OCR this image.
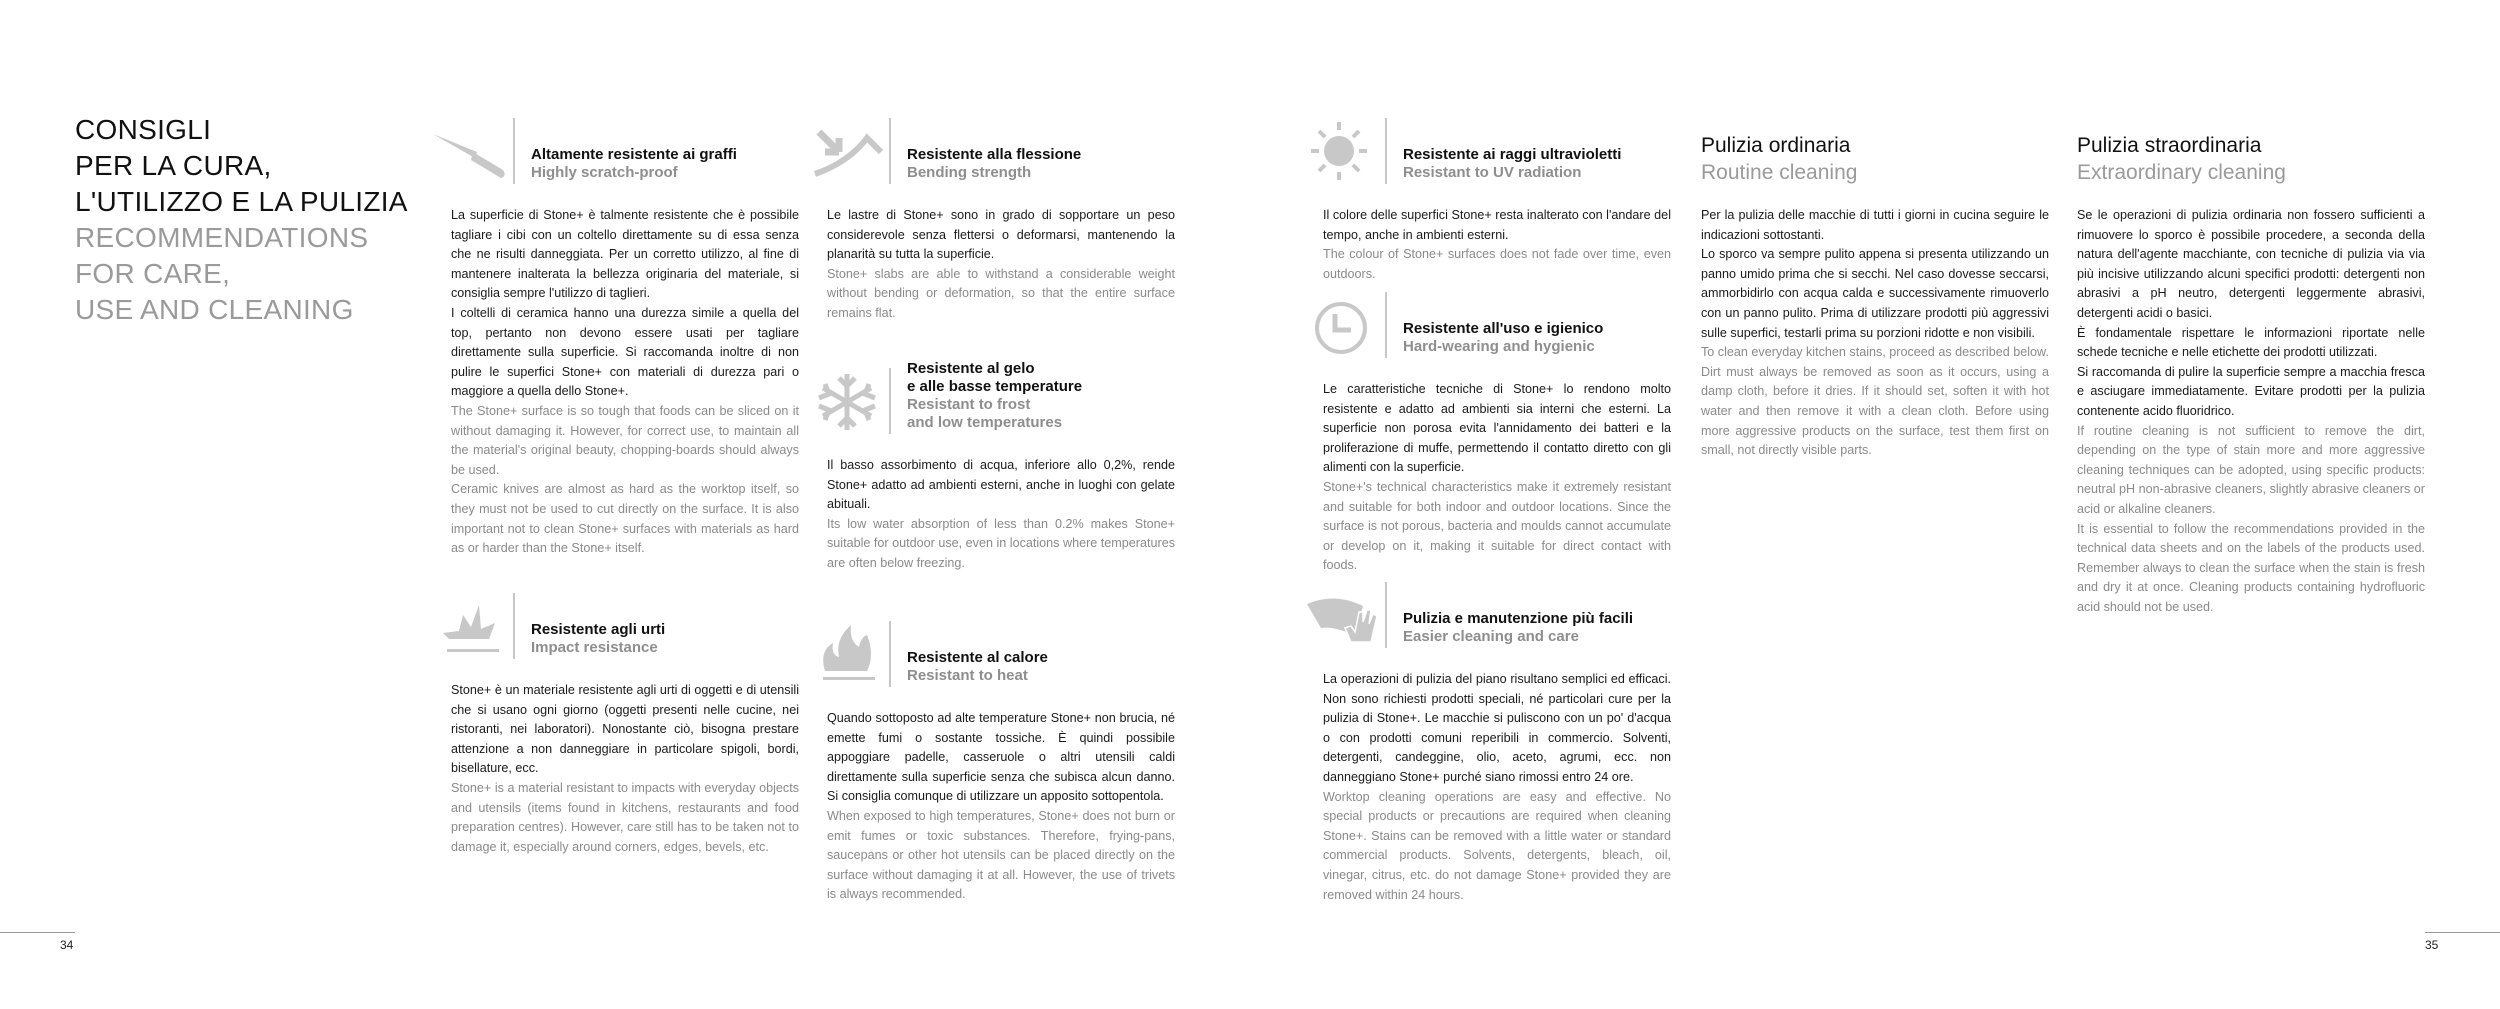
CONSIGLI
PER LA CURA,
L'UTILIZZO E LA PULIZIA
RECOMMENDATIONS
FOR CARE,
USE AND CLEANING
Altamente resistente ai graffi
Highly scratch-proof

La superficie di Stone+ è talmente resistente che è possibile tagliare i cibi con un coltello direttamente su di essa senza che ne risulti danneggiata. Per un corretto utilizzo, al fine di mantenere inalterata la bellezza originaria del materiale, si consiglia sempre l'utilizzo di taglieri.

I coltelli di ceramica hanno una durezza simile a quella del top, pertanto non devono essere usati per tagliare direttamente sulla superficie. Si raccomanda inoltre di non pulire le superfici Stone+ con materiali di durezza pari o maggiore a quella dello Stone+.

The Stone+ surface is so tough that foods can be sliced on it without damaging it. However, for correct use, to maintain all the material's original beauty, chopping-boards should always be used.

Ceramic knives are almost as hard as the worktop itself, so they must not be used to cut directly on the surface. It is also important not to clean Stone+ surfaces with materials as hard as or harder than the Stone+ itself.

Resistente alla flessione
Bending strength

Le lastre di Stone+ sono in grado di sopportare un peso considerevole senza flettersi o deformarsi, mantenendo la planarità su tutta la superficie.

Stone+ slabs are able to withstand a considerable weight without bending or deformation, so that the entire surface remains flat.

Resistente al gelo
e alle basse temperature
Resistant to frost
and low temperatures

Il basso assorbimento di acqua, inferiore allo 0,2%, rende Stone+ adatto ad ambienti esterni, anche in luoghi con gelate abituali.

Its low water absorption of less than 0.2% makes Stone+ suitable for outdoor use, even in locations where temperatures are often below freezing.

Resistente agli urti
Impact resistance

Stone+ è un materiale resistente agli urti di oggetti e di utensili che si usano ogni giorno (oggetti presenti nelle cucine, nei ristoranti, nei laboratori). Nonostante ciò, bisogna prestare attenzione a non danneggiare in particolare spigoli, bordi, bisellature, ecc.

Stone+ is a material resistant to impacts with everyday objects and utensils (items found in kitchens, restaurants and food preparation centres). However, care still has to be taken not to damage it, especially around corners, edges, bevels, etc.

Resistente al calore
Resistant to heat

Quando sottoposto ad alte temperature Stone+ non brucia, né emette fumi o sostante tossiche. È quindi possibile appoggiare padelle, casseruole o altri utensili caldi direttamente sulla superficie senza che subisca alcun danno. Si consiglia comunque di utilizzare un apposito sottopentola.

When exposed to high temperatures, Stone+ does not burn or emit fumes or toxic substances. Therefore, frying-pans, saucepans or other hot utensils can be placed directly on the surface without damaging it at all. However, the use of trivets is always recommended.

Resistente ai raggi ultravioletti
Resistant to UV radiation

Il colore delle superfici Stone+ resta inalterato con l'andare del tempo, anche in ambienti esterni.

The colour of Stone+ surfaces does not fade over time, even outdoors.

Resistente all'uso e igienico
Hard-wearing and hygienic

Le caratteristiche tecniche di Stone+ lo rendono molto resistente e adatto ad ambienti sia interni che esterni. La superficie non porosa evita l'annidamento dei batteri e la proliferazione di muffe, permettendo il contatto diretto con gli alimenti con la superficie.

Stone+'s technical characteristics make it extremely resistant and suitable for both indoor and outdoor locations. Since the surface is not porous, bacteria and moulds cannot accumulate or develop on it, making it suitable for direct contact with foods.

Pulizia e manutenzione più facili
Easier cleaning and care

La operazioni di pulizia del piano risultano semplici ed efficaci. Non sono richiesti prodotti speciali, né particolari cure per la pulizia di Stone+. Le macchie si puliscono con un po' d'acqua o con prodotti comuni reperibili in commercio. Solventi, detergenti, candeggine, olio, aceto, agrumi, ecc. non danneggiano Stone+ purché siano rimossi entro 24 ore.

Worktop cleaning operations are easy and effective. No special products or precautions are required when cleaning Stone+. Stains can be removed with a little water or standard commercial products. Solvents, detergents, bleach, oil, vinegar, citrus, etc. do not damage Stone+ provided they are removed within 24 hours.

Pulizia ordinaria
Routine cleaning

Per la pulizia delle macchie di tutti i giorni in cucina seguire le indicazioni sottostanti.

Lo sporco va sempre pulito appena si presenta utilizzando un panno umido prima che si secchi. Nel caso dovesse seccarsi, ammorbidirlo con acqua calda e successivamente rimuoverlo con un panno pulito. Prima di utilizzare prodotti più aggressivi sulle superfici, testarli prima su porzioni ridotte e non visibili.

To clean everyday kitchen stains, proceed as described below.

Dirt must always be removed as soon as it occurs, using a damp cloth, before it dries. If it should set, soften it with hot water and then remove it with a clean cloth. Before using more aggressive products on the surface, test them first on small, not directly visible parts.

Pulizia straordinaria
Extraordinary cleaning

Se le operazioni di pulizia ordinaria non fossero sufficienti a rimuovere lo sporco è possibile procedere, a seconda della natura dell'agente macchiante, con tecniche di pulizia via via più incisive utilizzando alcuni specifici prodotti: detergenti non abrasivi a pH neutro, detergenti leggermente abrasivi, detergenti acidi o basici.

È fondamentale rispettare le informazioni riportate nelle schede tecniche e nelle etichette dei prodotti utilizzati.

Si raccomanda di pulire la superficie sempre a macchia fresca e asciugare immediatamente. Evitare prodotti per la pulizia contenente acido fluoridrico.

If routine cleaning is not sufficient to remove the dirt, depending on the type of stain more and more aggressive cleaning techniques can be adopted, using specific products: neutral pH non-abrasive cleaners, slightly abrasive cleaners or acid or alkaline cleaners.

It is essential to follow the recommendations provided in the technical data sheets and on the labels of the products used. Remember always to clean the surface when the stain is fresh and dry it at once. Cleaning products containing hydrofluoric acid should not be used.

34	35
